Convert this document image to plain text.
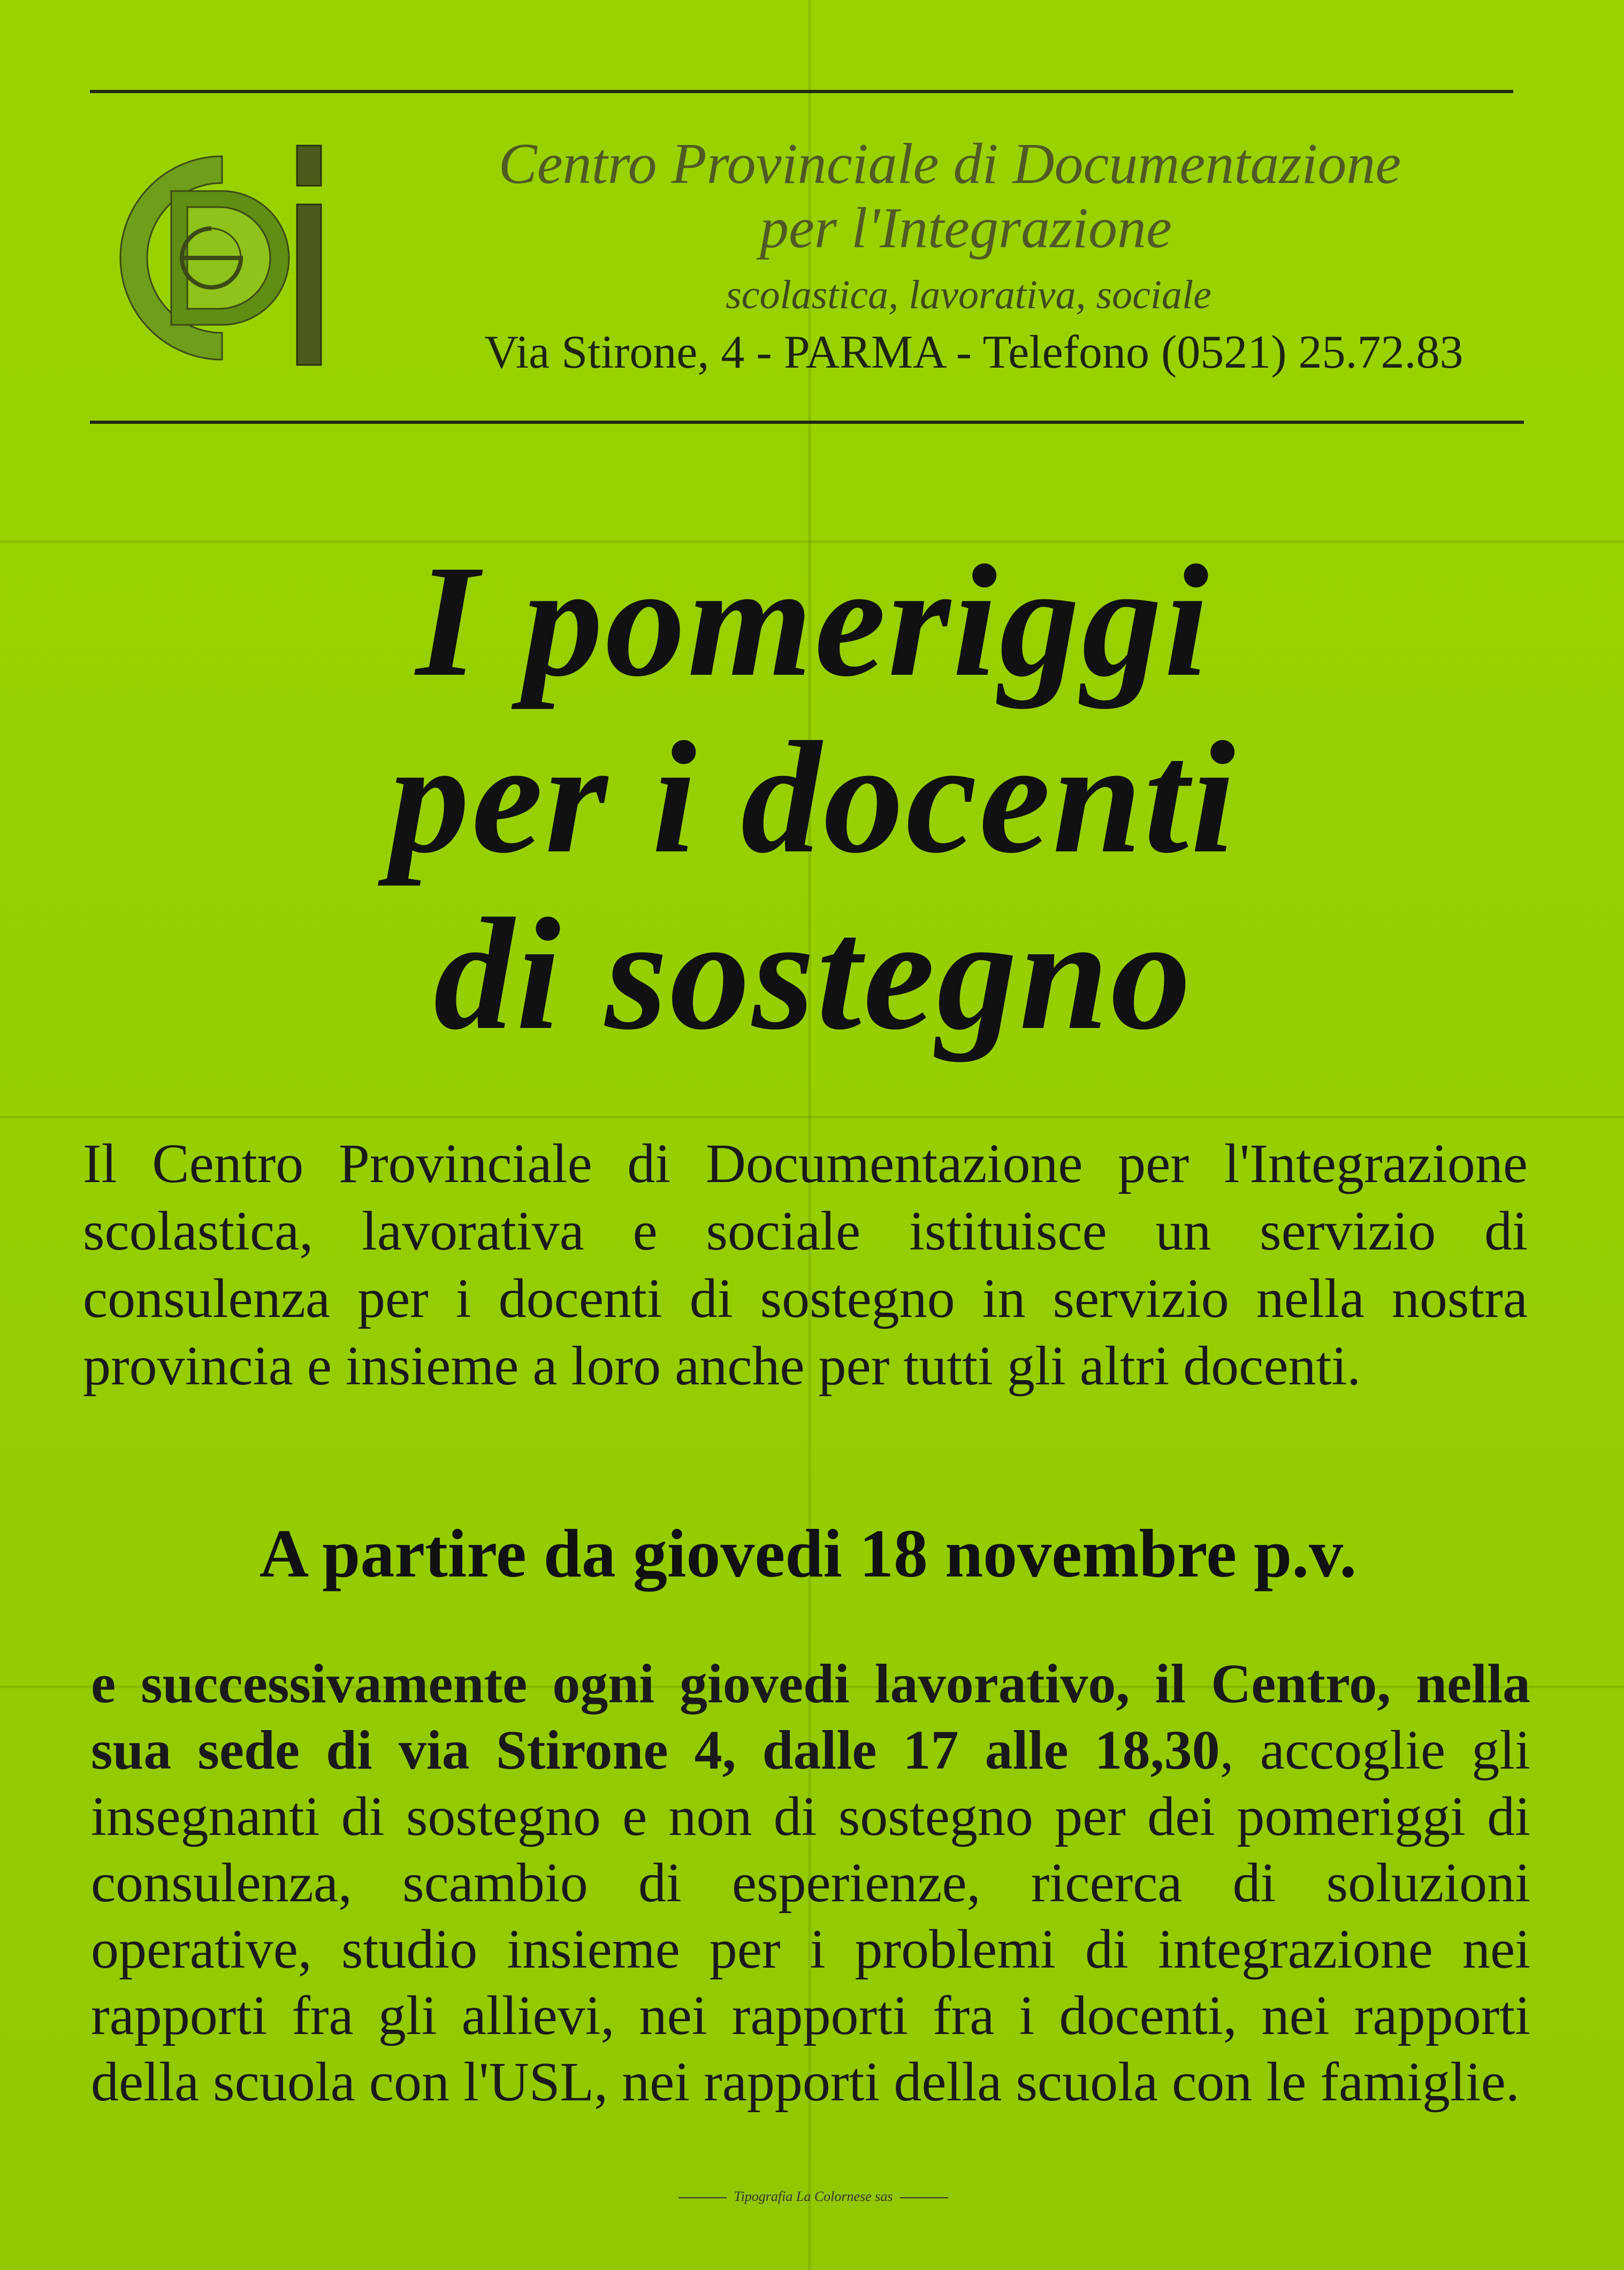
cdi	Centro Provinciale di Documentazione
per l'Integrazione
scolastica, lavorativa, sociale
Via Stirone, 4 - PARMA - Telefono (0521) 25.72.83
I pomeriggi
per i docenti
di sostegno
Il Centro Provinciale di Documentazione per l'Integrazione scolastica, lavorativa e sociale istituisce un servizio di consulenza per i docenti di sostegno in servizio nella nostra provincia e insieme a loro anche per tutti gli altri docenti.
A partire da giovedi 18 novembre p.v.
e successivamente ogni giovedi lavorativo, il Centro, nella sua sede di via Stirone 4, dalle 17 alle 18,30, accoglie gli insegnanti di sostegno e non di sostegno per dei pomeriggi di consulenza, scambio di esperienze, ricerca di soluzioni operative, studio insieme per i problemi di integrazione nei rapporti fra gli allievi, nei rapporti fra i docenti, nei rapporti della scuola con l'USL, nei rapporti della scuola con le famiglie.
Tipografia La Colornese sas
